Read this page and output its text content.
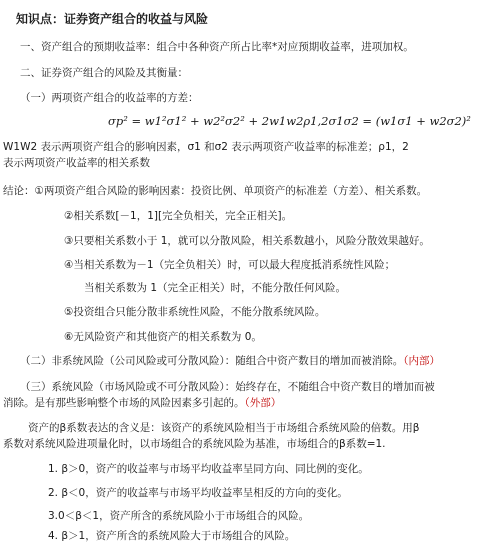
知识点：证券资产组合的收益与风险
一、资产组合的预期收益率：组合中各种资产所占比率*对应预期收益率，进项加权。
二、证券资产组合的风险及其衡量：
（一）两项资产组合的收益率的方差：
σp² = w1²σ1² + w2²σ2² + 2w1w2ρ1,2σ1σ2 = (w1σ1 + w2σ2)²
W1W2 表示两项资产组合的影响因素，σ1 和σ2 表示两项资产收益率的标准差；ρ1，2
表示两项资产收益率的相关系数
结论：①两项资产组合风险的影响因素：投资比例、单项资产的标准差（方差）、相关系数。
②相关系数[－1，1][完全负相关，完全正相关]。
③只要相关系数小于 1，就可以分散风险，相关系数越小，风险分散效果越好。
④当相关系数为－1（完全负相关）时，可以最大程度抵消系统性风险；
当相关系数为 1（完全正相关）时，不能分散任何风险。
⑤投资组合只能分散非系统性风险，不能分散系统风险。
⑥无风险资产和其他资产的相关系数为 0。
（二）非系统风险（公司风险或可分散风险）：随组合中资产数目的增加而被消除。（内部）
（三）系统风险（市场风险或不可分散风险）：始终存在，不随组合中资产数目的增加而被
消除。是有那些影响整个市场的风险因素多引起的。（外部）
资产的β系数表达的含义是：该资产的系统风险相当于市场组合系统风险的倍数。用β
系数对系统风险进项量化时，以市场组合的系统风险为基准，市场组合的β系数=1.
1. β＞0，资产的收益率与市场平均收益率呈同方向、同比例的变化。
2. β＜0，资产的收益率与市场平均收益率呈相反的方向的变化。
3.0＜β＜1，资产所含的系统风险小于市场组合的风险。
4. β＞1，资产所含的系统风险大于市场组合的风险。
